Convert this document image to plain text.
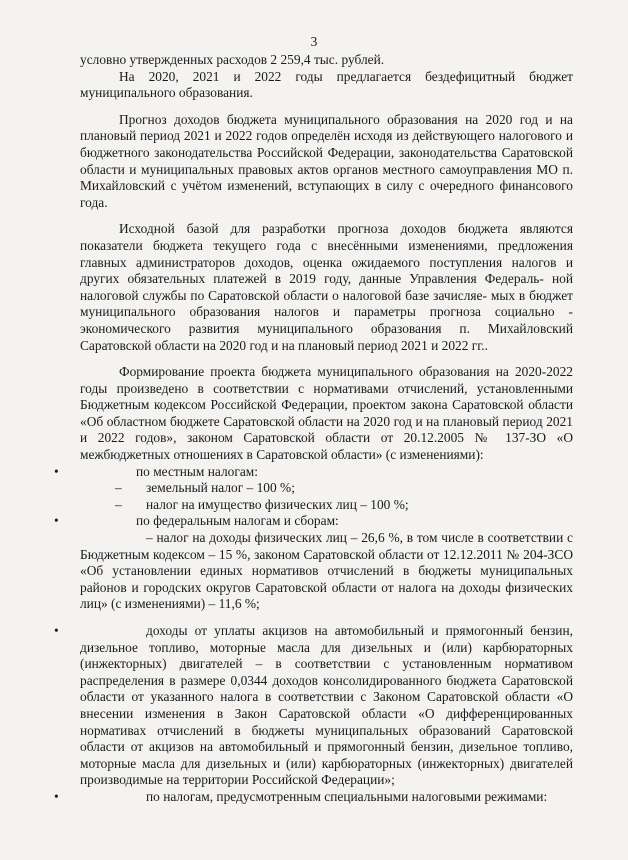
3

условно утвержденных расходов 2 259,4 тыс. рублей.

На 2020, 2021 и 2022 годы предлагается бездефицитный бюджет муниципального образования.

Прогноз доходов бюджета муниципального образования на 2020 год и на плановый период 2021 и 2022 годов определён исходя из действующего налогового и бюджетного законодательства Российской Федерации, законодательства Саратовской области и муниципальных правовых актов органов местного самоуправления МО п. Михайловский с учётом изменений, вступающих в силу с очередного финансового года.

Исходной базой для разработки прогноза доходов бюджета являются показатели бюджета текущего года с внесёнными изменениями, предложения главных администраторов доходов, оценка ожидаемого поступления налогов и других обязательных платежей в 2019 году, данные Управления Федераль- ной налоговой службы по Саратовской области о налоговой базе зачисляе- мых в бюджет муниципального образования налогов и параметры прогноза социально - экономического развития муниципального образования п. Михайловский Саратовской области на 2020 год и на плановый период 2021 и 2022 гг..

Формирование проекта бюджета муниципального образования на 2020-2022 годы произведено в соответствии с нормативами отчислений, установленными Бюджетным кодексом Российской Федерации, проектом закона Саратовской области «Об областном бюджете Саратовской области на 2020 год и на плановый период 2021 и 2022 годов», законом Саратовской области от 20.12.2005 № 137-ЗО «О межбюджетных отношениях в Саратовской области» (с изменениями):

•	по местным налогам:
– земельный налог – 100 %;
– налог на имущество физических лиц – 100 %;
•	по федеральным налогам и сборам:

– налог на доходы физических лиц – 26,6 %, в том числе в соответствии с Бюджетным кодексом – 15 %, законом Саратовской области от 12.12.2011 № 204-ЗСО «Об установлении единых нормативов отчислений в бюджеты муниципальных районов и городских округов Саратовской области от налога на доходы физических лиц» (с изменениями) – 11,6 %;

•	доходы от уплаты акцизов на автомобильный и прямогонный бензин, дизельное топливо, моторные масла для дизельных и (или) карбюраторных (инжекторных) двигателей – в соответствии с установленным нормативом распределения в размере 0,0344 доходов консолидированного бюджета Саратовской области от указанного налога в соответствии с Законом Саратовской области «О внесении изменения в Закон Саратовской области «О дифференцированных нормативах отчислений в бюджеты муниципальных образований Саратовской области от акцизов на автомобильный и прямогонный бензин, дизельное топливо, моторные масла для дизельных и (или) карбюраторных (инжекторных) двигателей производимые на территории Российской Федерации»;

•	по налогам, предусмотренным специальными налоговыми режимами:
